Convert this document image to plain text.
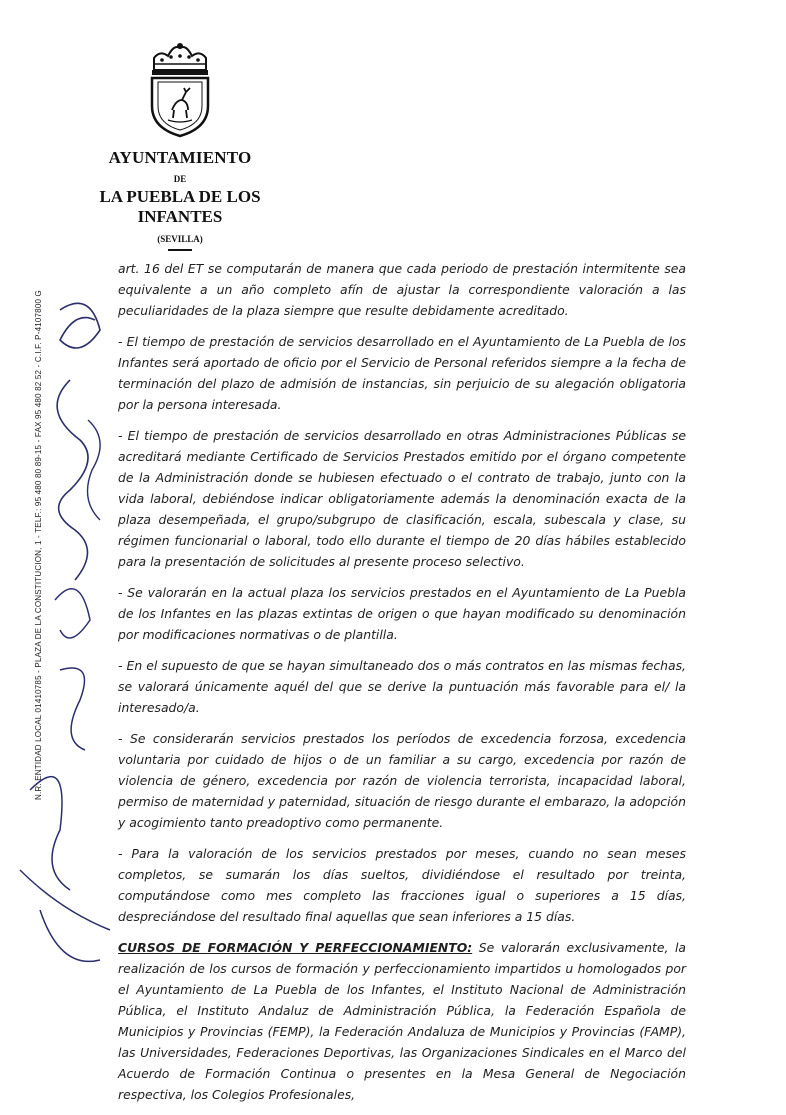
AYUNTAMIENTO
DE
LA PUEBLA DE LOS INFANTES
(SEVILLA)
N.R. ENTIDAD LOCAL 01410785 - PLAZA DE LA CONSTITUCION, 1 - TELF.: 95 480 80 89-15 - FAX 95 480 82 52 - C.I.F. P-4107800 G

art. 16 del ET se computarán de manera que cada periodo de prestación intermitente sea equivalente a un año completo afín de ajustar la correspondiente valoración a las peculiaridades de la plaza siempre que resulte debidamente acreditado.

- El tiempo de prestación de servicios desarrollado en el Ayuntamiento de La Puebla de los Infantes será aportado de oficio por el Servicio de Personal referidos siempre a la fecha de terminación del plazo de admisión de instancias, sin perjuicio de su alegación obligatoria por la persona interesada.

- El tiempo de prestación de servicios desarrollado en otras Administraciones Públicas se acreditará mediante Certificado de Servicios Prestados emitido por el órgano competente de la Administración donde se hubiesen efectuado o el contrato de trabajo, junto con la vida laboral, debiéndose indicar obligatoriamente además la denominación exacta de la plaza desempeñada, el grupo/subgrupo de clasificación, escala, subescala y clase, su régimen funcionarial o laboral, todo ello durante el tiempo de 20 días hábiles establecido para la presentación de solicitudes al presente proceso selectivo.

- Se valorarán en la actual plaza los servicios prestados en el Ayuntamiento de La Puebla de los Infantes en las plazas extintas de origen o que hayan modificado su denominación por modificaciones normativas o de plantilla.

- En el supuesto de que se hayan simultaneado dos o más contratos en las mismas fechas, se valorará únicamente aquél del que se derive la puntuación más favorable para el/ la interesado/a.

- Se considerarán servicios prestados los períodos de excedencia forzosa, excedencia voluntaria por cuidado de hijos o de un familiar a su cargo, excedencia por razón de violencia de género, excedencia por razón de violencia terrorista, incapacidad laboral, permiso de maternidad y paternidad, situación de riesgo durante el embarazo, la adopción y acogimiento tanto preadoptivo como permanente.

- Para la valoración de los servicios prestados por meses, cuando no sean meses completos, se sumarán los días sueltos, dividiéndose el resultado por treinta, computándose como mes completo las fracciones igual o superiores a 15 días, despreciándose del resultado final aquellas que sean inferiores a 15 días.

CURSOS DE FORMACIÓN Y PERFECCIONAMIENTO: Se valorarán exclusivamente, la realización de los cursos de formación y perfeccionamiento impartidos u homologados por el Ayuntamiento de La Puebla de los Infantes, el Instituto Nacional de Administración Pública, el Instituto Andaluz de Administración Pública, la Federación Española de Municipios y Provincias (FEMP), la Federación Andaluza de Municipios y Provincias (FAMP), las Universidades, Federaciones Deportivas, las Organizaciones Sindicales en el Marco del Acuerdo de Formación Continua o presentes en la Mesa General de Negociación respectiva, los Colegios Profesionales,
